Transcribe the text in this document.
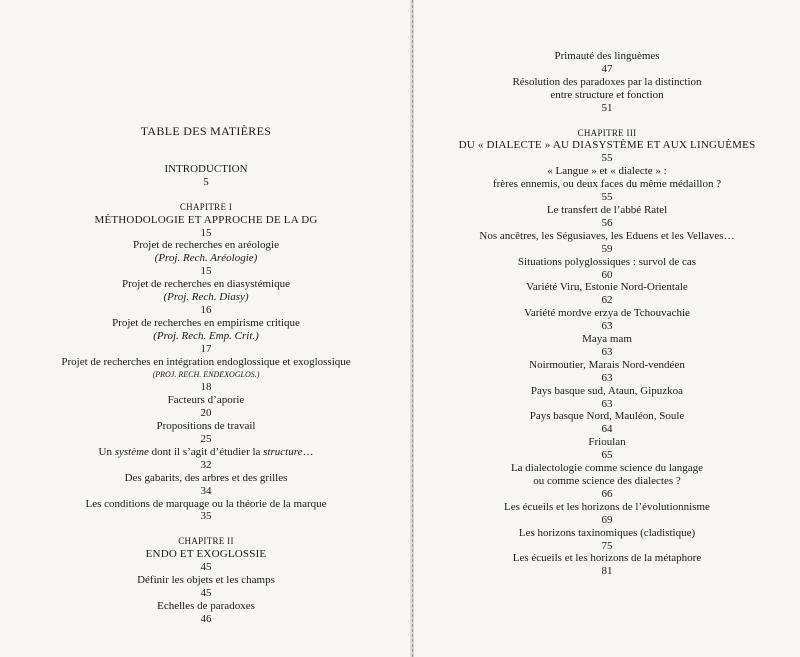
TABLE DES MATIÈRES
INTRODUCTION
5
CHAPITRE I
MÉTHODOLOGIE ET APPROCHE DE LA DG
15
Projet de recherches en aréologie
(Proj. Rech. Aréologie)
15
Projet de recherches en diasystémique
(Proj. Rech. Diasy)
16
Projet de recherches en empirisme critique
(Proj. Rech. Emp. Crit.)
17
Projet de recherches en intégration endoglossique et exoglossique
(PROJ. RECH. ENDEXOGLOS.)
18
Facteurs d’aporie
20
Propositions de travail
25
Un système dont il s’agit d’étudier la structure…
32
Des gabarits, des arbres et des grilles
34
Les conditions de marquage ou la théorie de la marque
35
CHAPITRE II
ENDO ET EXOGLOSSIE
45
Définir les objets et les champs
45
Echelles de paradoxes
46
Primauté des linguèmes
47
Résolution des paradoxes par la distinction
entre structure et fonction
51
CHAPITRE III
DU « DIALECTE » AU DIASYSTÈME ET AUX LINGUÈMES
55
« Langue » et « dialecte » :
frères ennemis, ou deux faces du même médaillon ?
55
Le transfert de l’abbé Ratel
56
Nos ancêtres, les Ségusiaves, les Eduens et les Vellaves…
59
Situations polyglossiques : survol de cas
60
Variété Viru, Estonie Nord-Orientale
62
Variété mordve erzya de Tchouvachie
63
Maya mam
63
Noirmoutier, Marais Nord-vendéen
63
Pays basque sud, Ataun, Gipuzkoa
63
Pays basque Nord, Mauléon, Soule
64
Frioulan
65
La dialectologie comme science du langage
ou comme science des dialectes ?
66
Les écueils et les horizons de l’évolutionnisme
69
Les horizons taxinomiques (cladistique)
75
Les écueils et les horizons de la métaphore
81
